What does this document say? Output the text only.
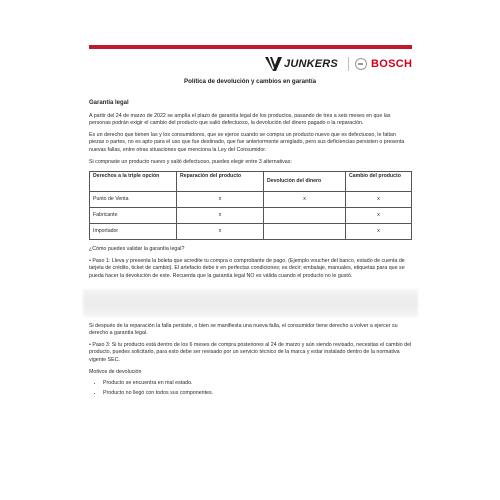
JUNKERS	BOSCH
Política de devolución y cambios en garantía
Garantía legal

A partir del 24 de marzo de 2022 se amplía el plazo de garantía legal de los productos, pasando de tres a seis meses en que las personas podrán exigir el cambio del producto que salió defectuoso, la devolución del dinero pagado o la reparación.

Es un derecho que tienen las y los consumidores, que se ejerce cuando se compra un producto nuevo que es defectuoso, le faltan piezas o partes, no es apto para el uso que fue destinado, que fue anteriormente arreglado, pero sus deficiencias persisten o presenta nuevas fallas, entre otras situaciones que menciona la Ley del Consumidor.

Si compraste un producto nuevo y salió defectuoso, puedes elegir entre 3 alternativas:

Derechos a la triple opción	Reparación del producto	Devolución del dinero	Cambio del producto
Punto de Venta	x	x	x
Fabricante	x		x
Importador	x		x

¿Cómo puedes validar la garantía legal?

• Paso 1: Lleva y presenta la boleta que acredite tu compra o comprobante de pago. (Ejemplo voucher del banco, estado de cuenta de tarjeta de crédito, ticket de cambio). El artefacto debe ir en perfectas condiciones; es decir; embalaje, manuales, etiquetas para que se pueda hacer la devolución de este. Recuerda que la garantía legal NO es válida cuando el producto no le gustó.

Si después de la reparación la falla persiste, o bien se manifiesta una nueva falla, el consumidor tiene derecho a volver a ejercer su derecho a garantía legal.

• Paso 3: Si tu producto está dentro de los 6 meses de compra posteriores al 24 de marzo y aún siendo revisado, necesitas el cambio del producto, puedes solicitarlo, para esto debe ser revisado por un servicio técnico de la marca y estar instalado dentro de la normativa vigente SEC.

Motivos de devolución

• Producto se encuentra en mal estado.
• Producto no llegó con todos sus componentes.
